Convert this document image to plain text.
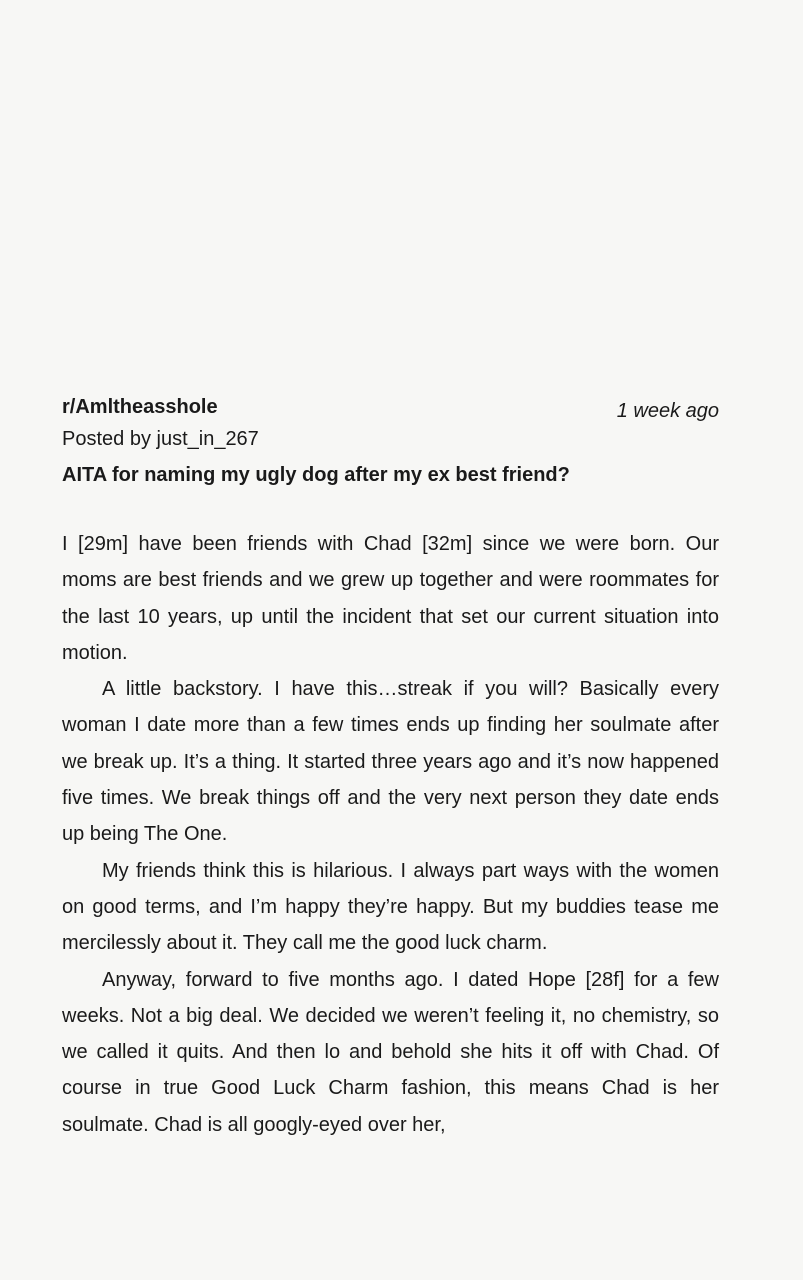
r/Amltheasshole	1 week ago

Posted by just_in_267

AITA for naming my ugly dog after my ex best friend?

I [29m] have been friends with Chad [32m] since we were born. Our moms are best friends and we grew up together and were roommates for the last 10 years, up until the incident that set our current situation into motion.

A little backstory. I have this…streak if you will? Basically every woman I date more than a few times ends up finding her soulmate after we break up. It’s a thing. It started three years ago and it’s now happened five times. We break things off and the very next person they date ends up being The One.

My friends think this is hilarious. I always part ways with the women on good terms, and I’m happy they’re happy. But my buddies tease me mercilessly about it. They call me the good luck charm.

Anyway, forward to five months ago. I dated Hope [28f] for a few weeks. Not a big deal. We decided we weren’t feeling it, no chemistry, so we called it quits. And then lo and behold she hits it off with Chad. Of course in true Good Luck Charm fashion, this means Chad is her soulmate. Chad is all googly-eyed over her,
